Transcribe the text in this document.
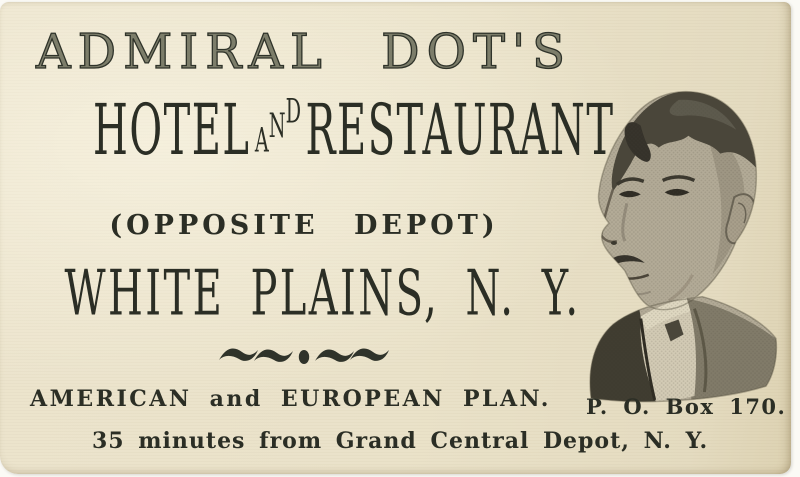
ADMIRAL DOT'S
HOTEL ANDRESTAURANT,
(OPPOSITE DEPOT)
WHITE PLAINS, N. Y.
AMERICAN and EUROPEAN PLAN.
35 minutes from Grand Central Depot, N. Y.
P. O. Box 170.
